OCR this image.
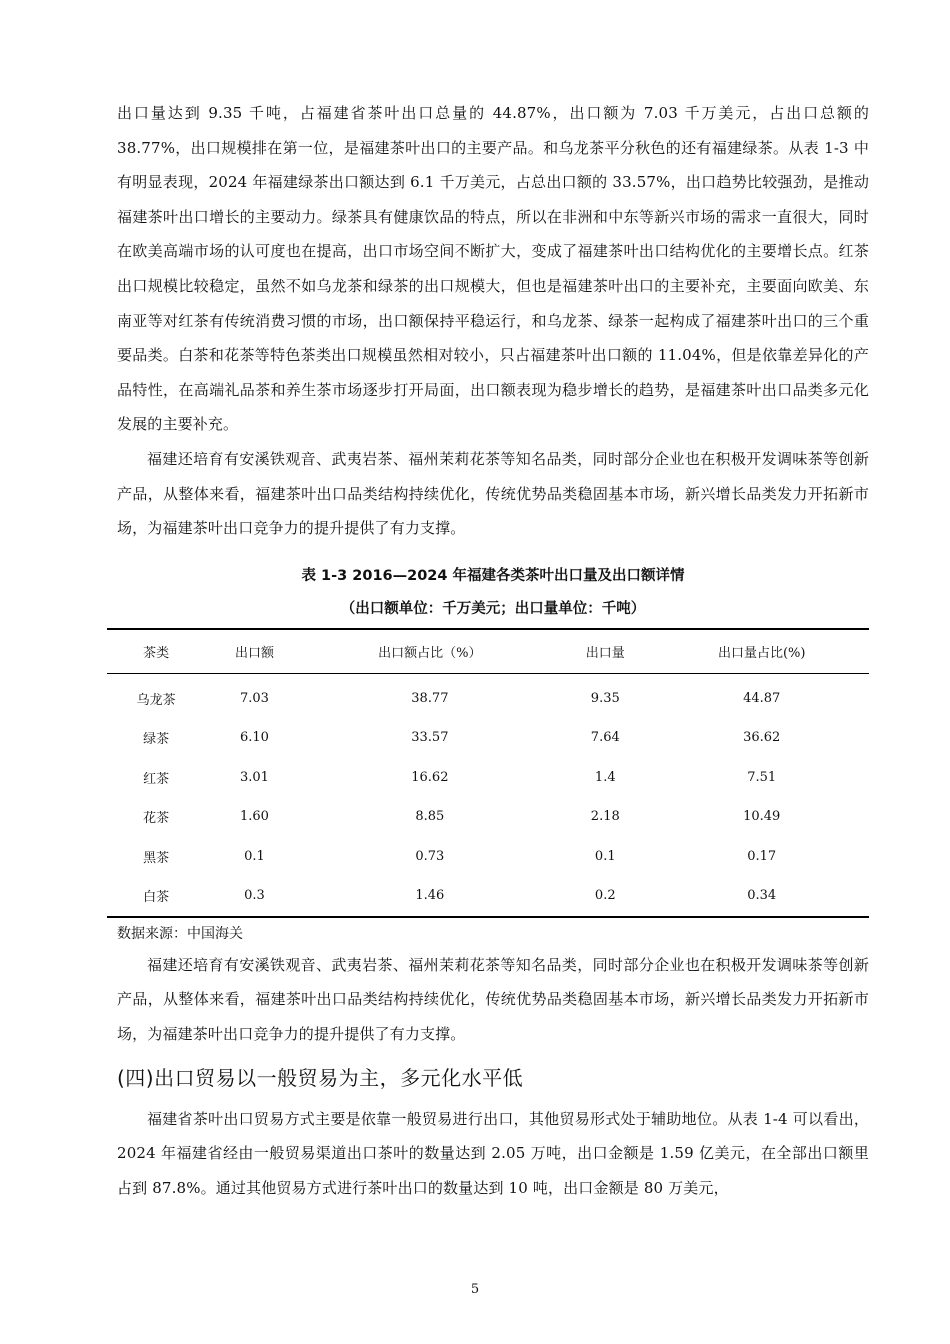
出口量达到 9.35 千吨，占福建省茶叶出口总量的 44.87%，出口额为 7.03 千万美元，占出口总额的 38.77%，出口规模排在第一位，是福建茶叶出口的主要产品。和乌龙茶平分秋色的还有福建绿茶。从表 1-3 中有明显表现，2024 年福建绿茶出口额达到 6.1 千万美元，占总出口额的 33.57%，出口趋势比较强劲，是推动福建茶叶出口增长的主要动力。绿茶具有健康饮品的特点，所以在非洲和中东等新兴市场的需求一直很大，同时在欧美高端市场的认可度也在提高，出口市场空间不断扩大，变成了福建茶叶出口结构优化的主要增长点。红茶出口规模比较稳定，虽然不如乌龙茶和绿茶的出口规模大，但也是福建茶叶出口的主要补充，主要面向欧美、东南亚等对红茶有传统消费习惯的市场，出口额保持平稳运行，和乌龙茶、绿茶一起构成了福建茶叶出口的三个重要品类。白茶和花茶等特色茶类出口规模虽然相对较小，只占福建茶叶出口额的 11.04%，但是依靠差异化的产品特性，在高端礼品茶和养生茶市场逐步打开局面，出口额表现为稳步增长的趋势，是福建茶叶出口品类多元化发展的主要补充。

福建还培育有安溪铁观音、武夷岩茶、福州茉莉花茶等知名品类，同时部分企业也在积极开发调味茶等创新产品，从整体来看，福建茶叶出口品类结构持续优化，传统优势品类稳固基本市场，新兴增长品类发力开拓新市场，为福建茶叶出口竞争力的提升提供了有力支撑。

表 1-3 2016—2024 年福建各类茶叶出口量及出口额详情
（出口额单位：千万美元；出口量单位：千吨）
茶类	出口额	出口额占比（%）	出口量	出口量占比(%)
乌龙茶	7.03	38.77	9.35	44.87
绿茶	6.10	33.57	7.64	36.62
红茶	3.01	16.62	1.4	7.51
花茶	1.60	8.85	2.18	10.49
黑茶	0.1	0.73	0.1	0.17
白茶	0.3	1.46	0.2	0.34
数据来源：中国海关

福建还培育有安溪铁观音、武夷岩茶、福州茉莉花茶等知名品类，同时部分企业也在积极开发调味茶等创新产品，从整体来看，福建茶叶出口品类结构持续优化，传统优势品类稳固基本市场，新兴增长品类发力开拓新市场，为福建茶叶出口竞争力的提升提供了有力支撑。

(四)出口贸易以一般贸易为主，多元化水平低

福建省茶叶出口贸易方式主要是依靠一般贸易进行出口，其他贸易形式处于辅助地位。从表 1-4 可以看出，2024 年福建省经由一般贸易渠道出口茶叶的数量达到 2.05 万吨，出口金额是 1.59 亿美元，在全部出口额里占到 87.8%。通过其他贸易方式进行茶叶出口的数量达到 10 吨，出口金额是 80 万美元，

5
